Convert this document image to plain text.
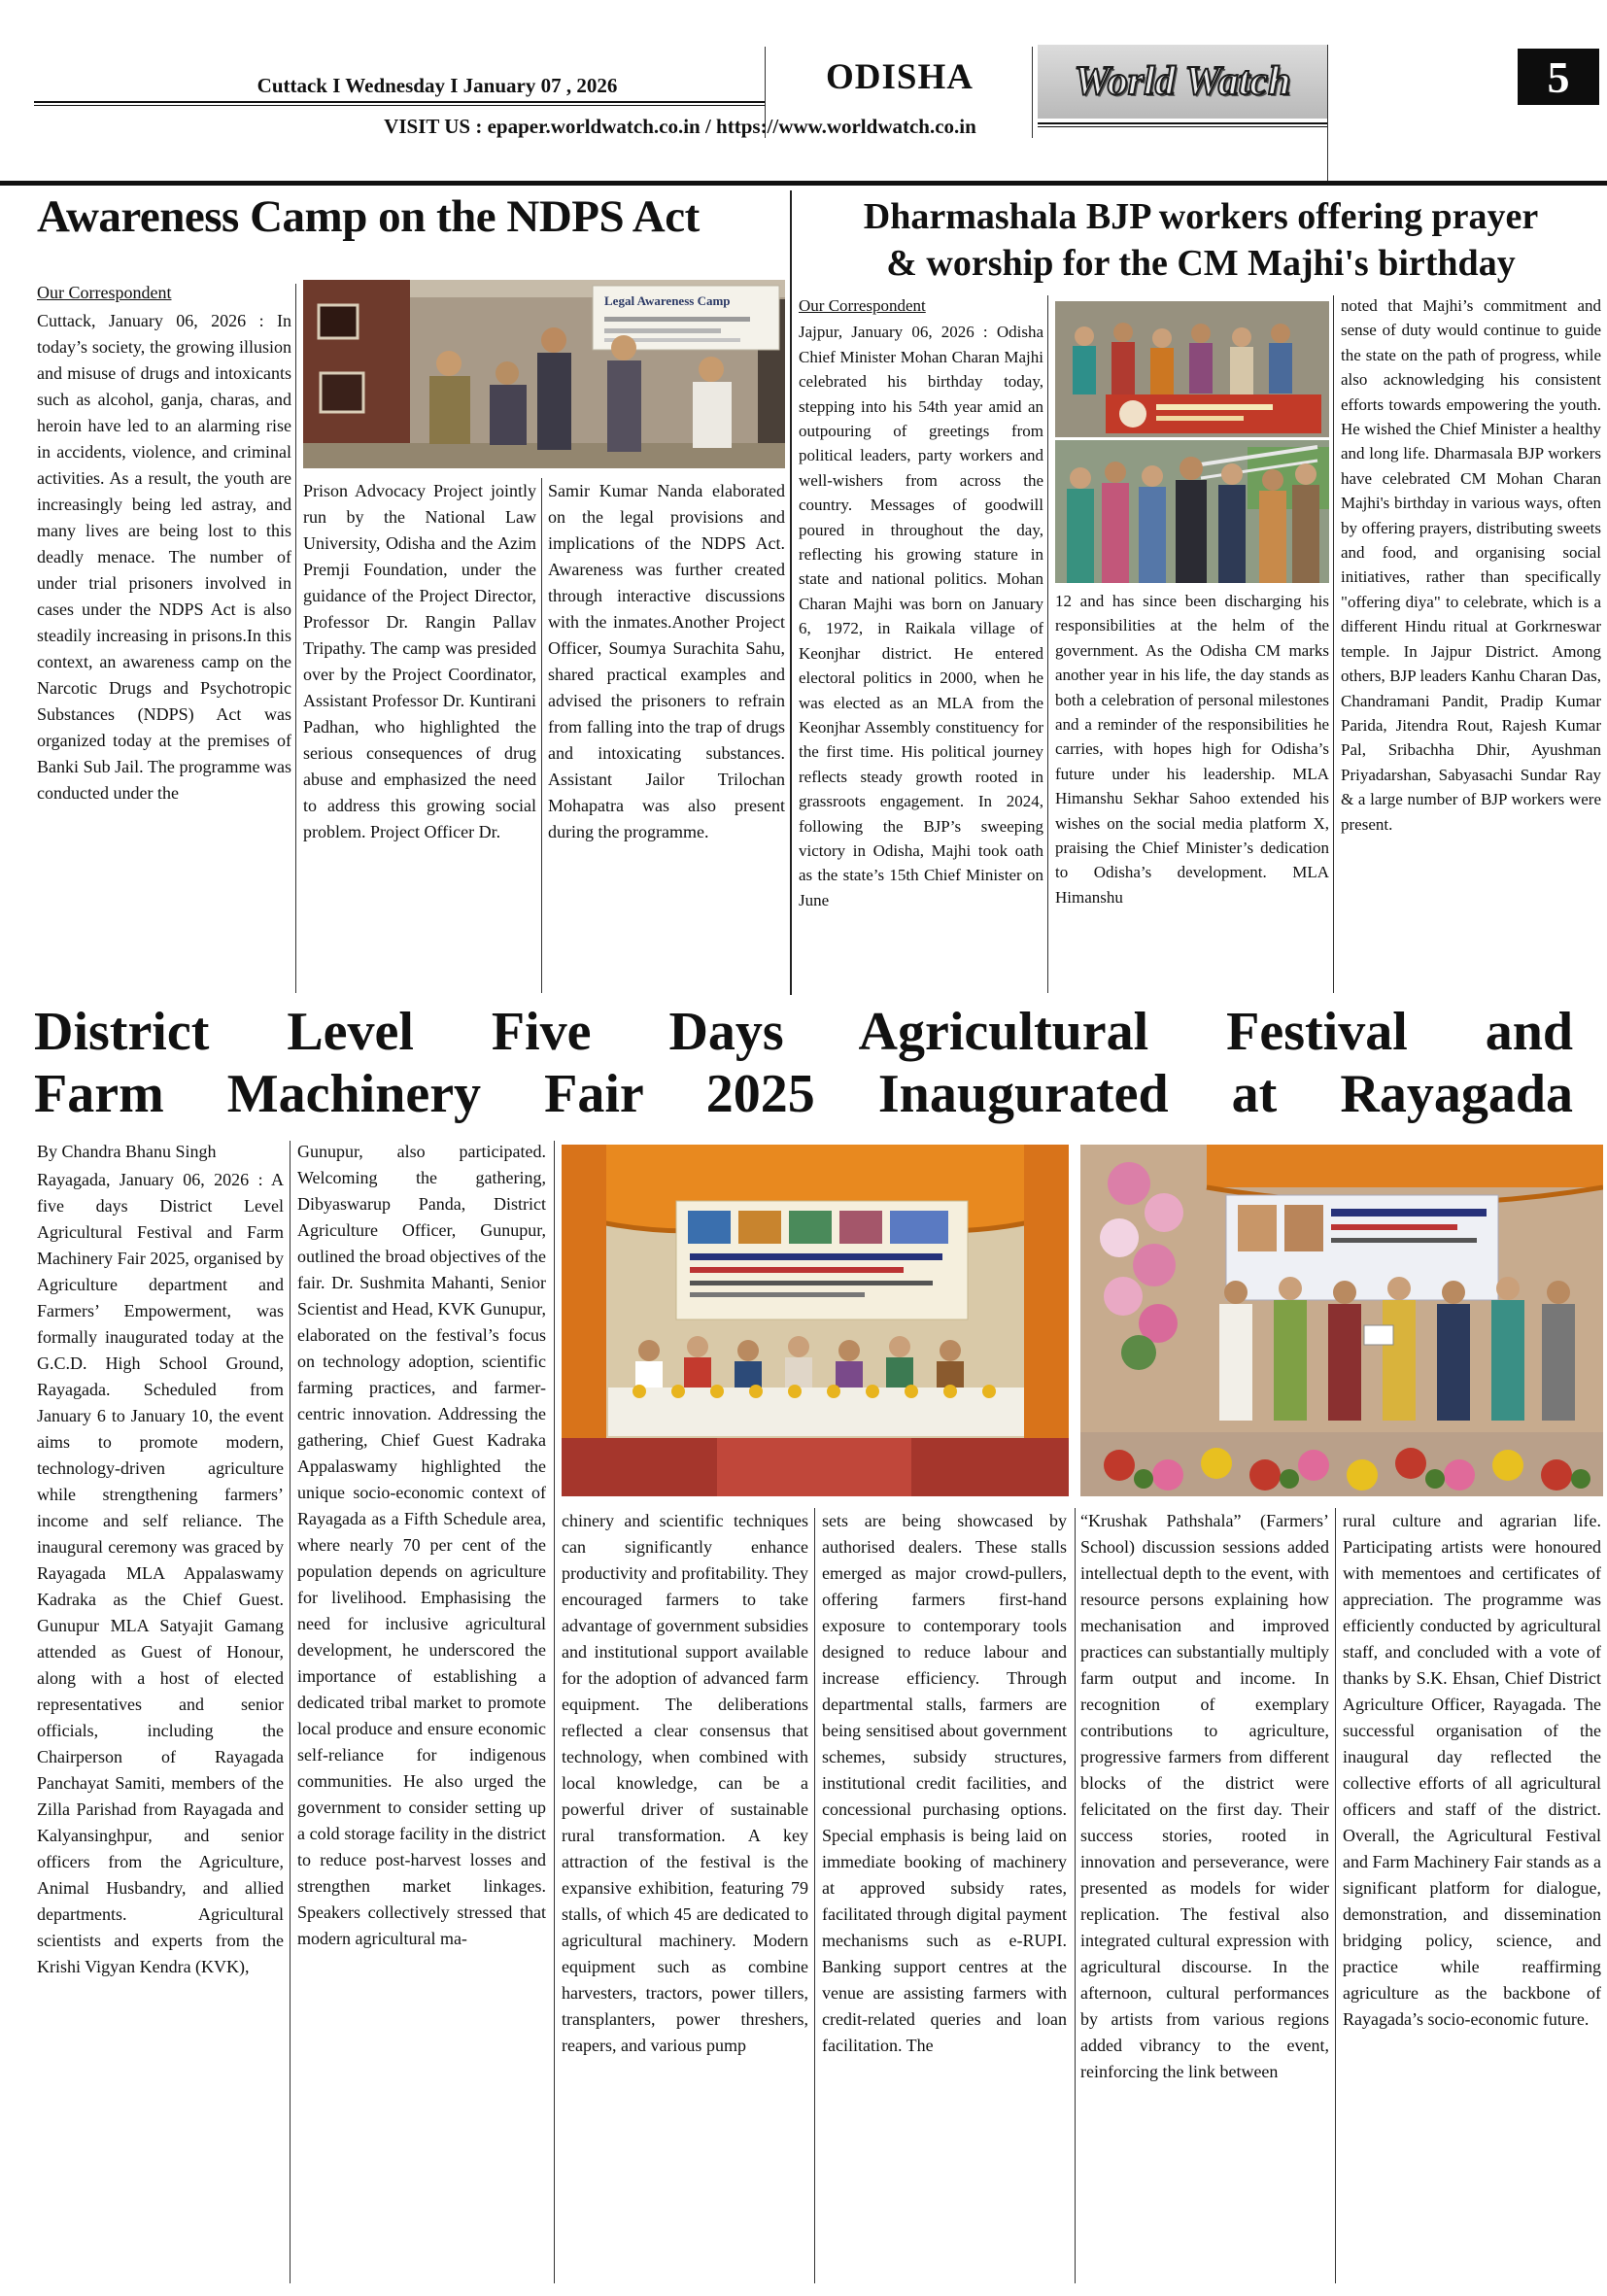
Cuttack I Wednesday I January 07 , 2026	ODISHA	World Watch	5
VISIT US : epaper.worldwatch.co.in / https://www.worldwatch.co.in
Awareness Camp on the NDPS Act
Our Correspondent
Cuttack, January 06, 2026 : In today’s society, the growing illusion and misuse of drugs and intoxicants such as alcohol, ganja, charas, and heroin have led to an alarming rise in accidents, violence, and criminal activities. As a result, the youth are increasingly being led astray, and many lives are being lost to this deadly menace. The number of under trial prisoners involved in cases under the NDPS Act is also steadily increasing in prisons.In this context, an awareness camp on the Narcotic Drugs and Psychotropic Substances (NDPS) Act was organized today at the premises of Banki Sub Jail. The programme was conducted under the
Legal Awareness Camp
Prison Advocacy Project jointly run by the National Law University, Odisha and the Azim Premji Foundation, under the guidance of the Project Director, Professor Dr. Rangin Pallav Tripathy. The camp was presided over by the Project Coordinator, Assistant Professor Dr. Kuntirani Padhan, who highlighted the serious consequences of drug abuse and emphasized the need to address this growing social problem. Project Officer Dr.
Samir Kumar Nanda elaborated on the legal provisions and implications of the NDPS Act. Awareness was further created through interactive discussions with the inmates.Another Project Officer, Soumya Surachita Sahu, shared practical examples and advised the prisoners to refrain from falling into the trap of drugs and intoxicating substances. Assistant Jailor Trilochan Mohapatra was also present during the programme.
Dharmashala BJP workers offering prayer
& worship for the CM Majhi's birthday
Our Correspondent
Jajpur, January 06, 2026 : Odisha Chief Minister Mohan Charan Majhi celebrated his birthday today, stepping into his 54th year amid an outpouring of greetings from political leaders, party workers and well-wishers from across the country. Messages of goodwill poured in throughout the day, reflecting his growing stature in state and national politics. Mohan Charan Majhi was born on January 6, 1972, in Raikala village of Keonjhar district. He entered electoral politics in 2000, when he was elected as an MLA from the Keonjhar Assembly constituency for the first time. His political journey reflects steady growth rooted in grassroots engagement. In 2024, following the BJP’s sweeping victory in Odisha, Majhi took oath as the state’s 15th Chief Minister on June
12 and has since been discharging his responsibilities at the helm of the government. As the Odisha CM marks another year in his life, the day stands as both a celebration of personal milestones and a reminder of the responsibilities he carries, with hopes high for Odisha’s future under his leadership. MLA Himanshu Sekhar Sahoo extended his wishes on the social media platform X, praising the Chief Minister’s dedication to Odisha’s development. MLA Himanshu
noted that Majhi’s commitment and sense of duty would continue to guide the state on the path of progress, while also acknowledging his consistent efforts towards empowering the youth. He wished the Chief Minister a healthy and long life. Dharmasala BJP workers have celebrated CM Mohan Charan Majhi's birthday in various ways, often by offering prayers, distributing sweets and food, and organising social initiatives, rather than specifically "offering diya" to celebrate, which is a different Hindu ritual at Gorkrneswar temple. In Jajpur District. Among others, BJP leaders Kanhu Charan Das, Chandramani Pandit, Pradip Kumar Parida, Jitendra Rout, Rajesh Kumar Pal, Sribachha Dhir, Ayushman Priyadarshan, Sabyasachi Sundar Ray & a large number of BJP workers were present.
District Level Five Days Agricultural Festival and
Farm Machinery Fair 2025 Inaugurated at Rayagada
By Chandra Bhanu Singh
Rayagada, January 06, 2026 : A five days District Level Agricultural Festival and Farm Machinery Fair 2025, organised by Agriculture department and Farmers’ Empowerment, was formally inaugurated today at the G.C.D. High School Ground, Rayagada. Scheduled from January 6 to January 10, the event aims to promote modern, technology-driven agriculture while strengthening farmers’ income and self reliance. The inaugural ceremony was graced by Rayagada MLA Appalaswamy Kadraka as the Chief Guest. Gunupur MLA Satyajit Gamang attended as Guest of Honour, along with a host of elected representatives and senior officials, including the Chairperson of Rayagada Panchayat Samiti, members of the Zilla Parishad from Rayagada and Kalyansinghpur, and senior officers from the Agriculture, Animal Husbandry, and allied departments. Agricultural scientists and experts from the Krishi Vigyan Kendra (KVK),
Gunupur, also participated. Welcoming the gathering, Dibyaswarup Panda, District Agriculture Officer, Gunupur, outlined the broad objectives of the fair. Dr. Sushmita Mahanti, Senior Scientist and Head, KVK Gunupur, elaborated on the festival’s focus on technology adoption, scientific farming practices, and farmer-centric innovation. Addressing the gathering, Chief Guest Kadraka Appalaswamy highlighted the unique socio-economic context of Rayagada as a Fifth Schedule area, where nearly 70 per cent of the population depends on agriculture for livelihood. Emphasising the need for inclusive agricultural development, he underscored the importance of establishing a dedicated tribal market to promote local produce and ensure economic self-reliance for indigenous communities. He also urged the government to consider setting up a cold storage facility in the district to reduce post-harvest losses and strengthen market linkages. Speakers collectively stressed that modern agricultural ma-
chinery and scientific techniques can significantly enhance productivity and profitability. They encouraged farmers to take advantage of government subsidies and institutional support available for the adoption of advanced farm equipment. The deliberations reflected a clear consensus that technology, when combined with local knowledge, can be a powerful driver of sustainable rural transformation. A key attraction of the festival is the expansive exhibition, featuring 79 stalls, of which 45 are dedicated to agricultural machinery. Modern equipment such as combine harvesters, tractors, power tillers, transplanters, power threshers, reapers, and various pump
sets are being showcased by authorised dealers. These stalls emerged as major crowd-pullers, offering farmers first-hand exposure to contemporary tools designed to reduce labour and increase efficiency. Through departmental stalls, farmers are being sensitised about government schemes, subsidy structures, institutional credit facilities, and concessional purchasing options. Special emphasis is being laid on immediate booking of machinery at approved subsidy rates, facilitated through digital payment mechanisms such as e-RUPI. Banking support centres at the venue are assisting farmers with credit-related queries and loan facilitation. The
“Krushak Pathshala” (Farmers’ School) discussion sessions added intellectual depth to the event, with resource persons explaining how mechanisation and improved practices can substantially multiply farm output and income. In recognition of exemplary contributions to agriculture, progressive farmers from different blocks of the district were felicitated on the first day. Their success stories, rooted in innovation and perseverance, were presented as models for wider replication. The festival also integrated cultural expression with agricultural discourse. In the afternoon, cultural performances by artists from various regions added vibrancy to the event, reinforcing the link between
rural culture and agrarian life. Participating artists were honoured with mementoes and certificates of appreciation. The programme was efficiently conducted by agricultural staff, and concluded with a vote of thanks by S.K. Ehsan, Chief District Agriculture Officer, Rayagada. The successful organisation of the inaugural day reflected the collective efforts of all agricultural officers and staff of the district. Overall, the Agricultural Festival and Farm Machinery Fair stands as a significant platform for dialogue, demonstration, and dissemination bridging policy, science, and practice while reaffirming agriculture as the backbone of Rayagada’s socio-economic future.
